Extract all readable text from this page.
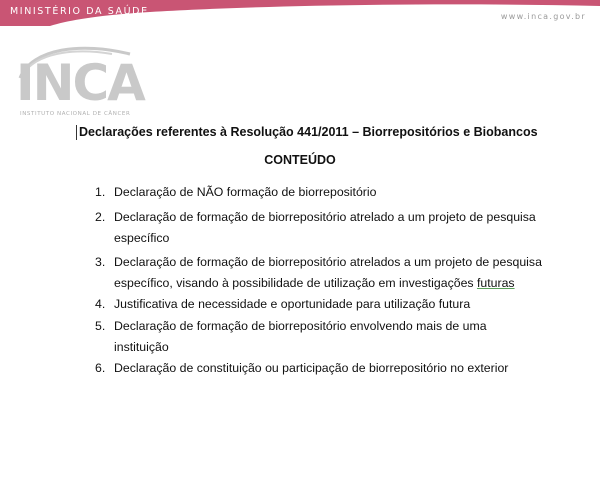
MINISTÉRIO DA SAÚDE	www.inca.gov.br
INCA
INSTITUTO NACIONAL DE CÂNCER
Declarações referentes à Resolução 441/2011 – Biorrepositórios e Biobancos
CONTEÚDO
1. Declaração de NÃO formação de biorrepositório
2. Declaração de formação de biorrepositório atrelado a um projeto de pesquisa
específico
3. Declaração de formação de biorrepositório atrelados a um projeto de pesquisa
específico, visando à possibilidade de utilização em investigações futuras
4. Justificativa de necessidade e oportunidade para utilização futura
5. Declaração de formação de biorrepositório envolvendo mais de uma
instituição
6. Declaração de constituição ou participação de biorrepositório no exterior
